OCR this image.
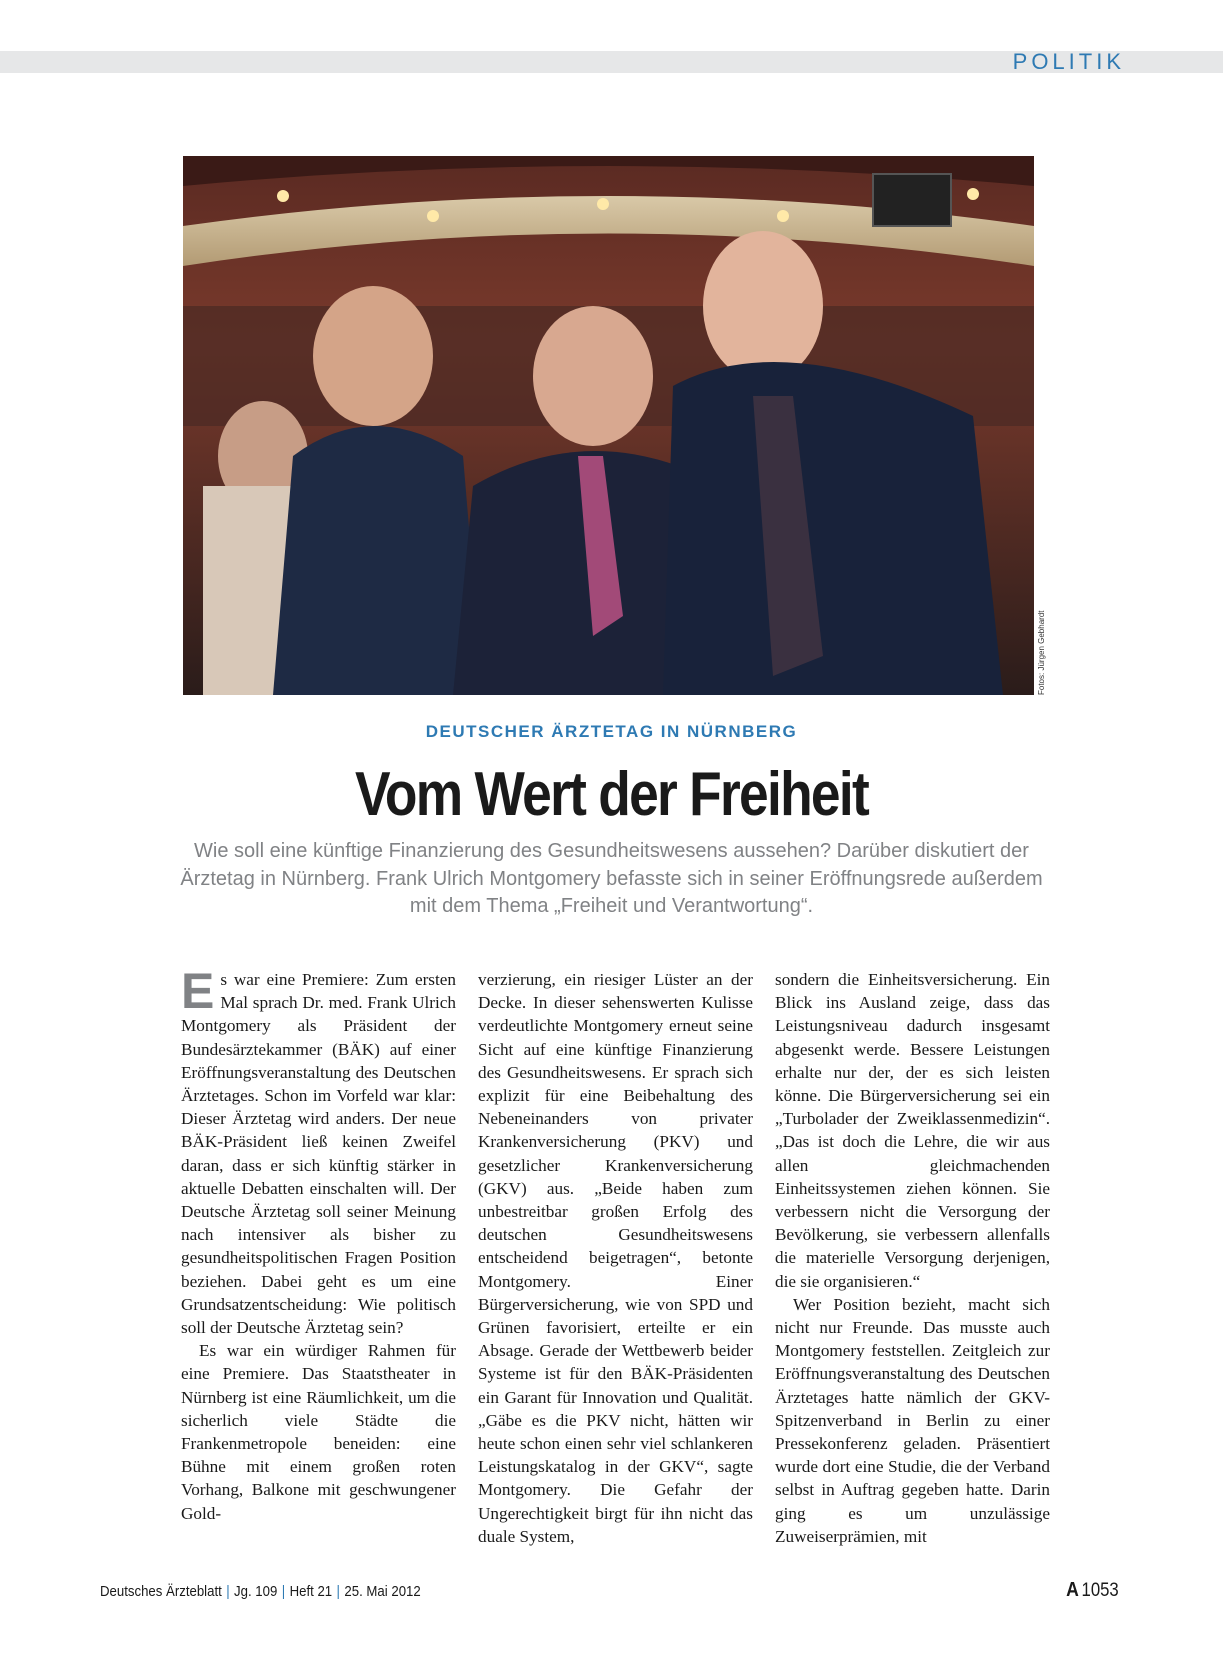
POLITIK
Fotos: Jürgen Gebhardt
DEUTSCHER ÄRZTETAG IN NÜRNBERG
Vom Wert der Freiheit
Wie soll eine künftige Finanzierung des Gesundheitswesens aussehen? Darüber diskutiert der Ärztetag in Nürnberg. Frank Ulrich Montgomery befasste sich in seiner Eröffnungsrede außerdem mit dem Thema „Freiheit und Verantwortung“.

Es war eine Premiere: Zum ersten Mal sprach Dr. med. Frank Ulrich Montgomery als Präsident der Bundesärztekammer (BÄK) auf einer Eröffnungsveranstaltung des Deutschen Ärztetages. Schon im Vorfeld war klar: Dieser Ärztetag wird anders. Der neue BÄK-Präsident ließ keinen Zweifel daran, dass er sich künftig stärker in aktuelle Debatten einschalten will. Der Deutsche Ärztetag soll seiner Meinung nach intensiver als bisher zu gesundheitspolitischen Fragen Position beziehen. Dabei geht es um eine Grundsatzentscheidung: Wie politisch soll der Deutsche Ärztetag sein?

Es war ein würdiger Rahmen für eine Premiere. Das Staatstheater in Nürnberg ist eine Räumlichkeit, um die sicherlich viele Städte die Frankenmetropole beneiden: eine Bühne mit einem großen roten Vorhang, Balkone mit geschwungener Gold-

verzierung, ein riesiger Lüster an der Decke. In dieser sehenswerten Kulisse verdeutlichte Montgomery erneut seine Sicht auf eine künftige Finanzierung des Gesundheitswesens. Er sprach sich explizit für eine Beibehaltung des Nebeneinanders von privater Krankenversicherung (PKV) und gesetzlicher Krankenversicherung (GKV) aus. „Beide haben zum unbestreitbar großen Erfolg des deutschen Gesundheitswesens entscheidend beigetragen“, betonte Montgomery. Einer Bürgerversicherung, wie von SPD und Grünen favorisiert, erteilte er ein Absage. Gerade der Wettbewerb beider Systeme ist für den BÄK-Präsidenten ein Garant für Innovation und Qualität. „Gäbe es die PKV nicht, hätten wir heute schon einen sehr viel schlankeren Leistungskatalog in der GKV“, sagte Montgomery. Die Gefahr der Ungerechtigkeit birgt für ihn nicht das duale System,

sondern die Einheitsversicherung. Ein Blick ins Ausland zeige, dass das Leistungsniveau dadurch insgesamt abgesenkt werde. Bessere Leistungen erhalte nur der, der es sich leisten könne. Die Bürgerversicherung sei ein „Turbolader der Zweiklassenmedizin“. „Das ist doch die Lehre, die wir aus allen gleichmachenden Einheitssystemen ziehen können. Sie verbessern nicht die Versorgung der Bevölkerung, sie verbessern allenfalls die materielle Versorgung derjenigen, die sie organisieren.“

Wer Position bezieht, macht sich nicht nur Freunde. Das musste auch Montgomery feststellen. Zeitgleich zur Eröffnungsveranstaltung des Deutschen Ärztetages hatte nämlich der GKV-Spitzenverband in Berlin zu einer Pressekonferenz geladen. Präsentiert wurde dort eine Studie, die der Verband selbst in Auftrag gegeben hatte. Darin ging es um unzulässige Zuweiserprämien, mit

Deutsches Ärzteblatt | Jg. 109 | Heft 21 | 25. Mai 2012	A 1053
